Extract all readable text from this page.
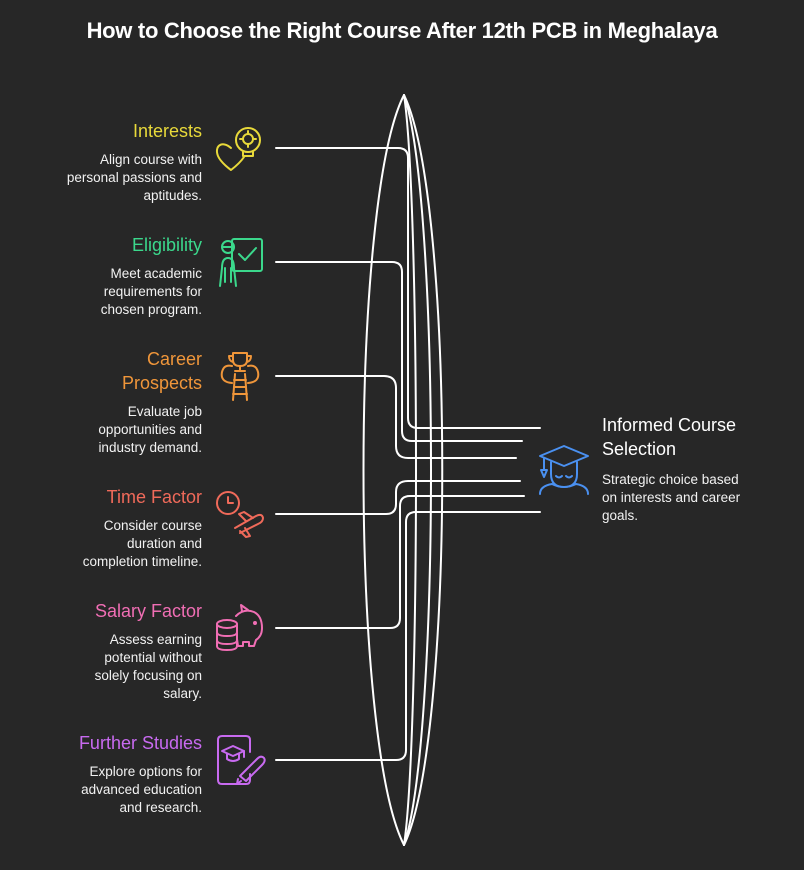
How to Choose the Right Course After 12th PCB in Meghalaya
Interests
Align course with
personal passions and
aptitudes.
Eligibility
Meet academic
requirements for
chosen program.
Career
Prospects
Evaluate job
opportunities and
industry demand.
Time Factor
Consider course
duration and
completion timeline.
Salary Factor
Assess earning
potential without
solely focusing on
salary.
Further Studies
Explore options for
advanced education
and research.
Informed Course
Selection
Strategic choice based
on interests and career
goals.
